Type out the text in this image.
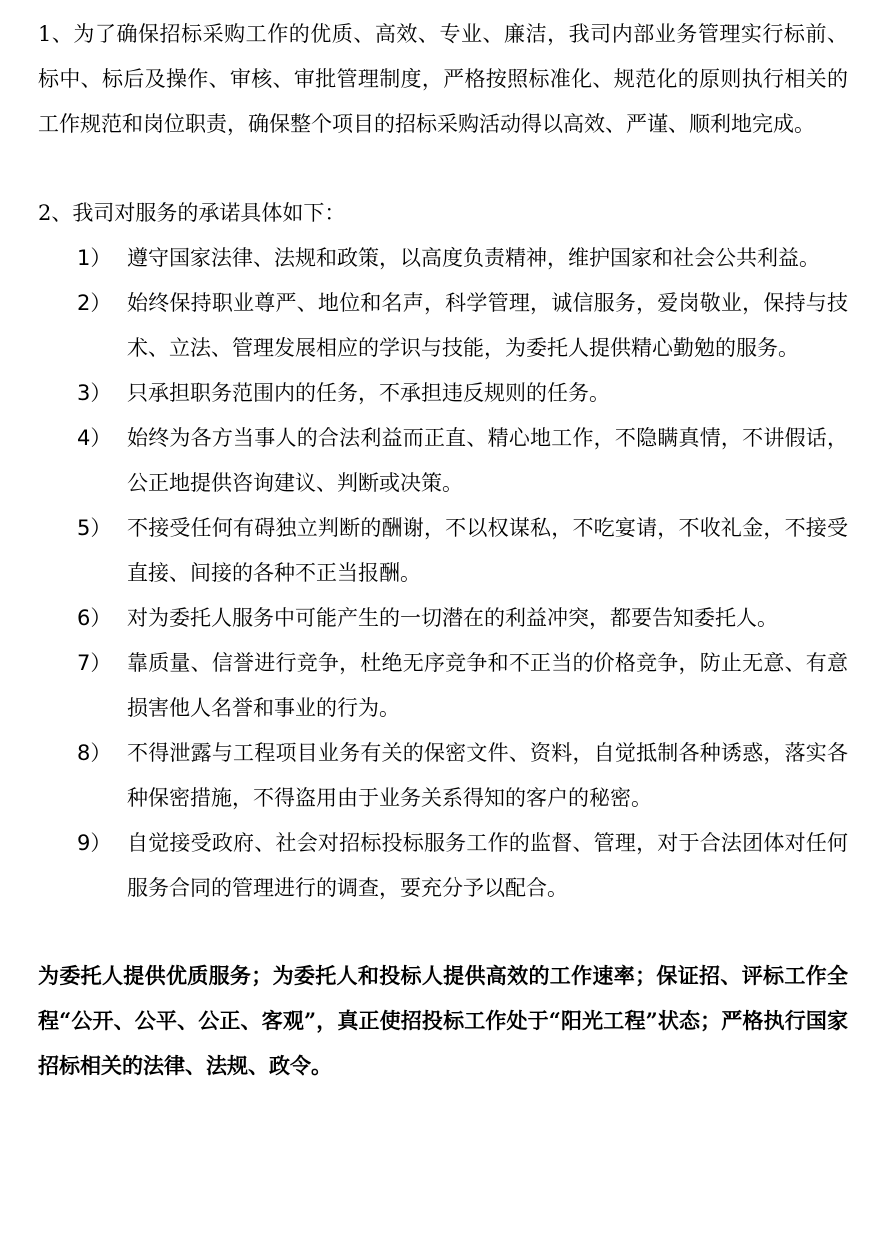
1、为了确保招标采购工作的优质、高效、专业、廉洁，我司内部业务管理实行标前、标中、标后及操作、审核、审批管理制度，严格按照标准化、规范化的原则执行相关的工作规范和岗位职责，确保整个项目的招标采购活动得以高效、严谨、顺利地完成。

2、我司对服务的承诺具体如下：

1） 遵守国家法律、法规和政策，以高度负责精神，维护国家和社会公共利益。
2） 始终保持职业尊严、地位和名声，科学管理，诚信服务，爱岗敬业，保持与技术、立法、管理发展相应的学识与技能，为委托人提供精心勤勉的服务。
3） 只承担职务范围内的任务，不承担违反规则的任务。
4） 始终为各方当事人的合法利益而正直、精心地工作，不隐瞒真情，不讲假话，公正地提供咨询建议、判断或决策。
5） 不接受任何有碍独立判断的酬谢，不以权谋私，不吃宴请，不收礼金，不接受直接、间接的各种不正当报酬。
6） 对为委托人服务中可能产生的一切潜在的利益冲突，都要告知委托人。
7） 靠质量、信誉进行竞争，杜绝无序竞争和不正当的价格竞争，防止无意、有意损害他人名誉和事业的行为。
8） 不得泄露与工程项目业务有关的保密文件、资料，自觉抵制各种诱惑，落实各种保密措施，不得盗用由于业务关系得知的客户的秘密。
9） 自觉接受政府、社会对招标投标服务工作的监督、管理，对于合法团体对任何服务合同的管理进行的调查，要充分予以配合。

为委托人提供优质服务；为委托人和投标人提供高效的工作速率；保证招、评标工作全程“公开、公平、公正、客观”，真正使招投标工作处于“阳光工程”状态；严格执行国家招标相关的法律、法规、政令。
